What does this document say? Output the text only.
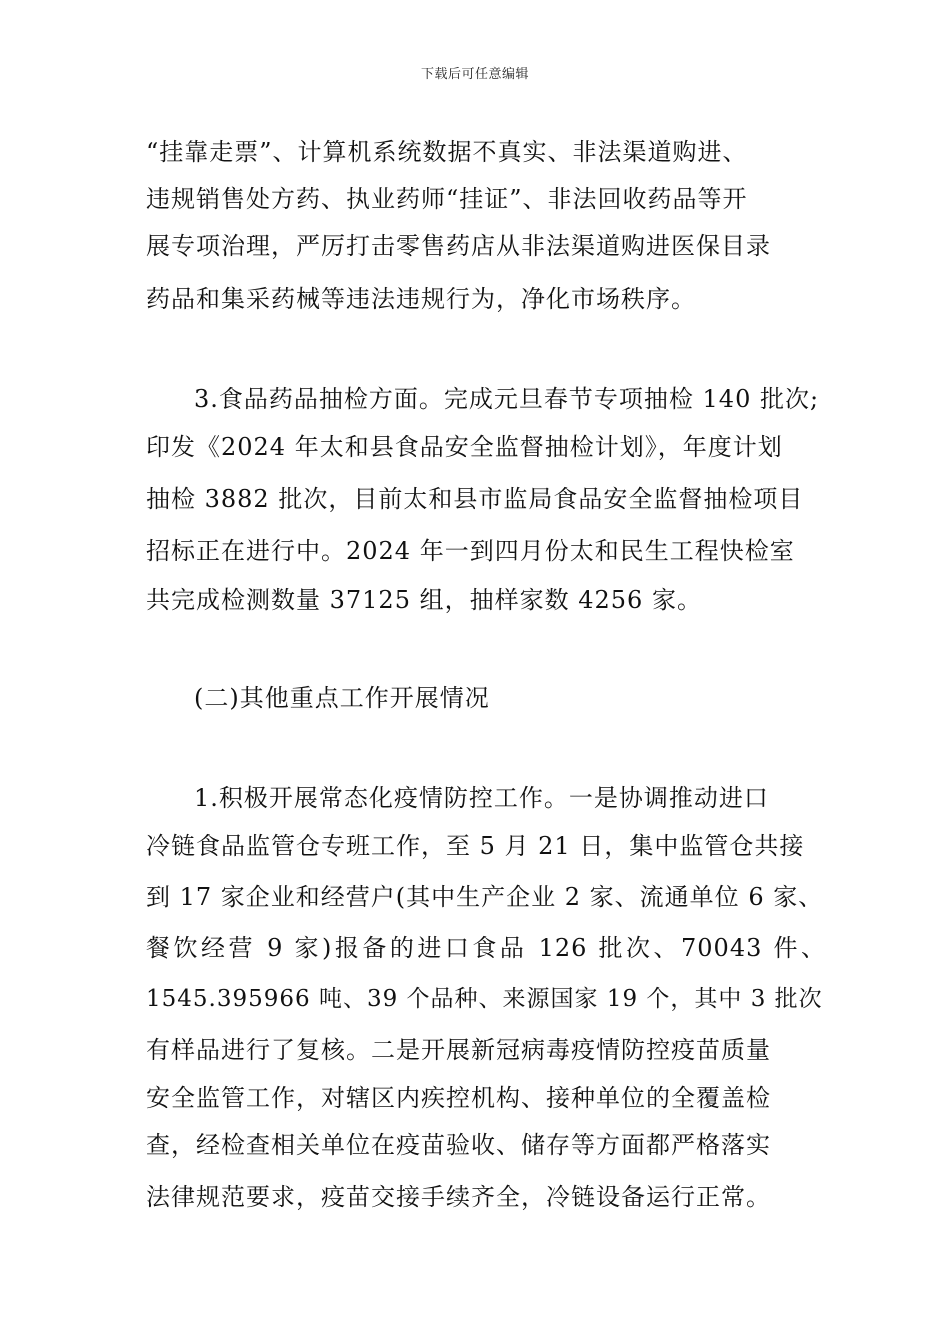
下载后可任意编辑
“挂靠走票”、计算机系统数据不真实、非法渠道购进、
违规销售处方药、执业药师“挂证”、非法回收药品等开
展专项治理，严厉打击零售药店从非法渠道购进医保目录
药品和集采药械等违法违规行为，净化市场秩序。
3.食品药品抽检方面。完成元旦春节专项抽检 140 批次;
印发《2024 年太和县食品安全监督抽检计划》，年度计划
抽检 3882 批次，目前太和县市监局食品安全监督抽检项目
招标正在进行中。2024 年一到四月份太和民生工程快检室
共完成检测数量 37125 组，抽样家数 4256 家。
(二)其他重点工作开展情况
1.积极开展常态化疫情防控工作。一是协调推动进口
冷链食品监管仓专班工作，至 5 月 21 日，集中监管仓共接
到 17 家企业和经营户(其中生产企业 2 家、流通单位 6 家、
餐饮经营 9 家)报备的进口食品 126 批次、70043 件、
1545.395966 吨、39 个品种、来源国家 19 个，其中 3 批次
有样品进行了复核。二是开展新冠病毒疫情防控疫苗质量
安全监管工作，对辖区内疾控机构、接种单位的全覆盖检
查，经检查相关单位在疫苗验收、储存等方面都严格落实
法律规范要求，疫苗交接手续齐全，冷链设备运行正常。
